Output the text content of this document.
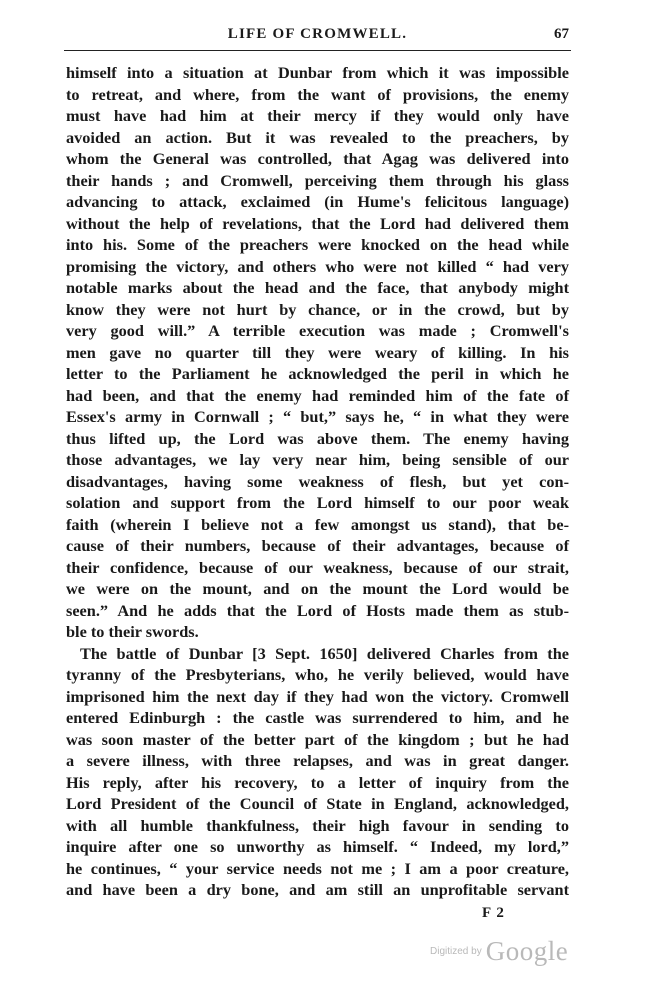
LIFE OF CROMWELL.	67
himself into a situation at Dunbar from which it was impossible
to retreat, and where, from the want of provisions, the enemy
must have had him at their mercy if they would only have
avoided an action. But it was revealed to the preachers, by
whom the General was controlled, that Agag was delivered into
their hands ; and Cromwell, perceiving them through his glass
advancing to attack, exclaimed (in Hume's felicitous language)
without the help of revelations, that the Lord had delivered them
into his. Some of the preachers were knocked on the head while
promising the victory, and others who were not killed “ had very
notable marks about the head and the face, that anybody might
know they were not hurt by chance, or in the crowd, but by
very good will.” A terrible execution was made ; Cromwell's
men gave no quarter till they were weary of killing. In his
letter to the Parliament he acknowledged the peril in which he
had been, and that the enemy had reminded him of the fate of
Essex's army in Cornwall ; “ but,” says he, “ in what they were
thus lifted up, the Lord was above them. The enemy having
those advantages, we lay very near him, being sensible of our
disadvantages, having some weakness of flesh, but yet con-
solation and support from the Lord himself to our poor weak
faith (wherein I believe not a few amongst us stand), that be-
cause of their numbers, because of their advantages, because of
their confidence, because of our weakness, because of our strait,
we were on the mount, and on the mount the Lord would be
seen.” And he adds that the Lord of Hosts made them as stub-
ble to their swords.
The battle of Dunbar [3 Sept. 1650] delivered Charles from the
tyranny of the Presbyterians, who, he verily believed, would have
imprisoned him the next day if they had won the victory. Cromwell
entered Edinburgh : the castle was surrendered to him, and he
was soon master of the better part of the kingdom ; but he had
a severe illness, with three relapses, and was in great danger.
His reply, after his recovery, to a letter of inquiry from the
Lord President of the Council of State in England, acknowledged,
with all humble thankfulness, their high favour in sending to
inquire after one so unworthy as himself. “ Indeed, my lord,”
he continues, “ your service needs not me ; I am a poor creature,
and have been a dry bone, and am still an unprofitable servant
F 2
Digitized by Google
